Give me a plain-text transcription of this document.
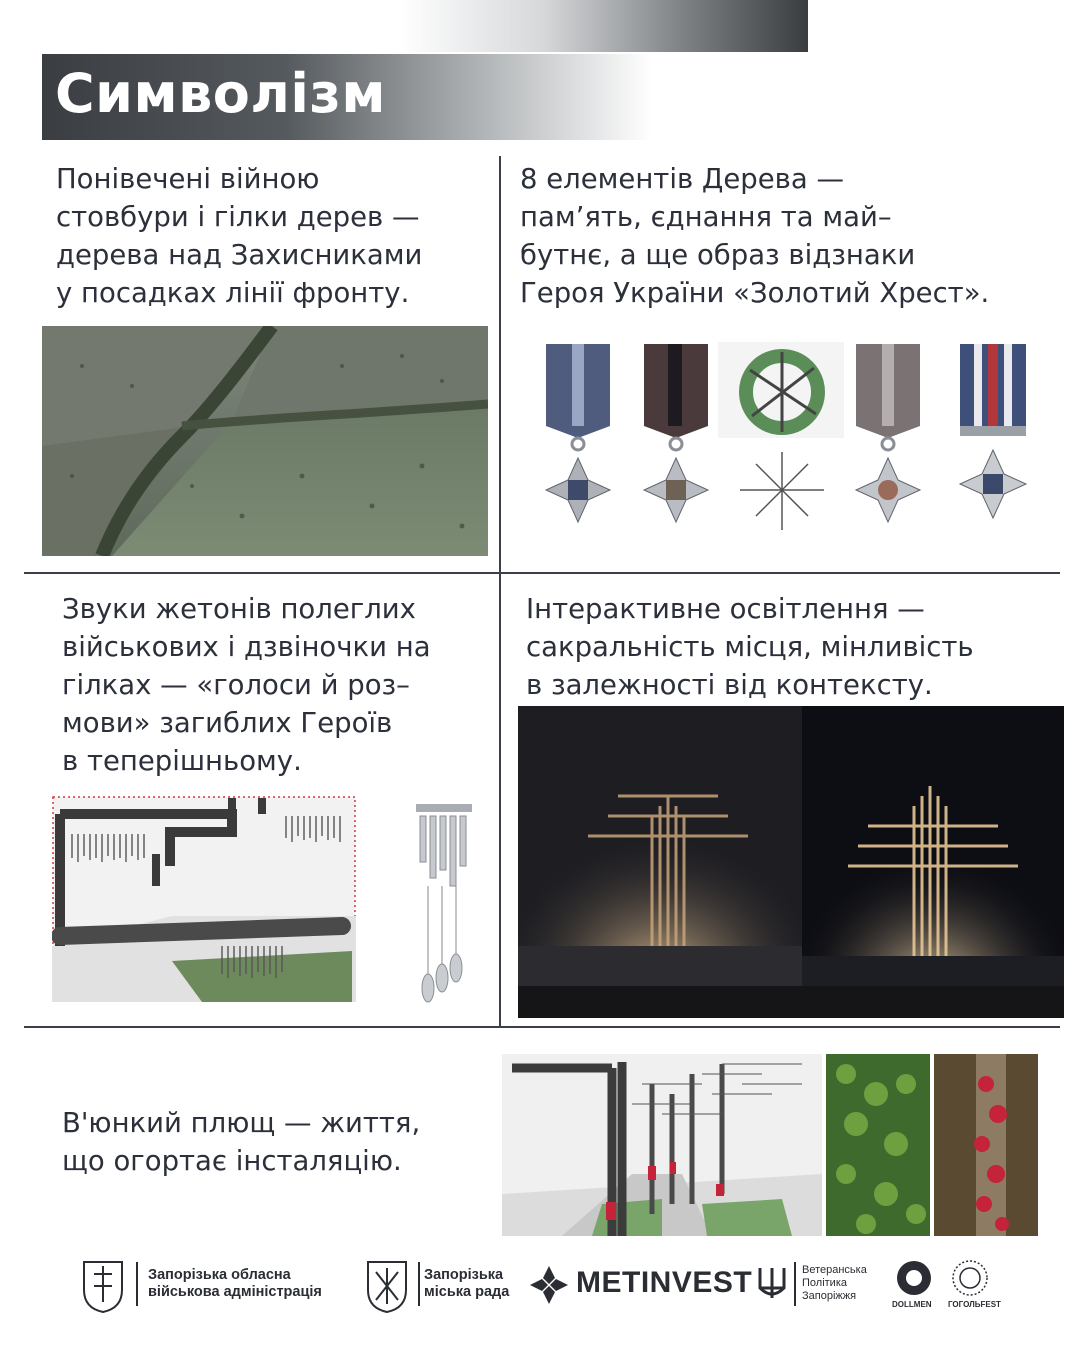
Символізм
Понівечені війною
стовбури і гілки дерев —
дерева над Захисниками
у посадках лінії фронту.
8 елементів Дерева —
пам’ять, єднання та май–
бутнє, а ще образ відзнаки
Героя України «Золотий Хрест».
Звуки жетонів полеглих
військових і дзвіночки на
гілках — «голоси й роз–
мови» загиблих Героїв
в теперішньому.
Інтерактивне освітлення —
сакральність місця, мінливість
в залежності від контексту.
В'юнкий плющ — життя,
що огортає інсталяцію.
Запорізька обласна
військова адміністрація
Запорізька
міська рада METINVEST	Ветеранська
Політика
Запоріжжя
DOLLMEN ГОГОЛЬFEST
